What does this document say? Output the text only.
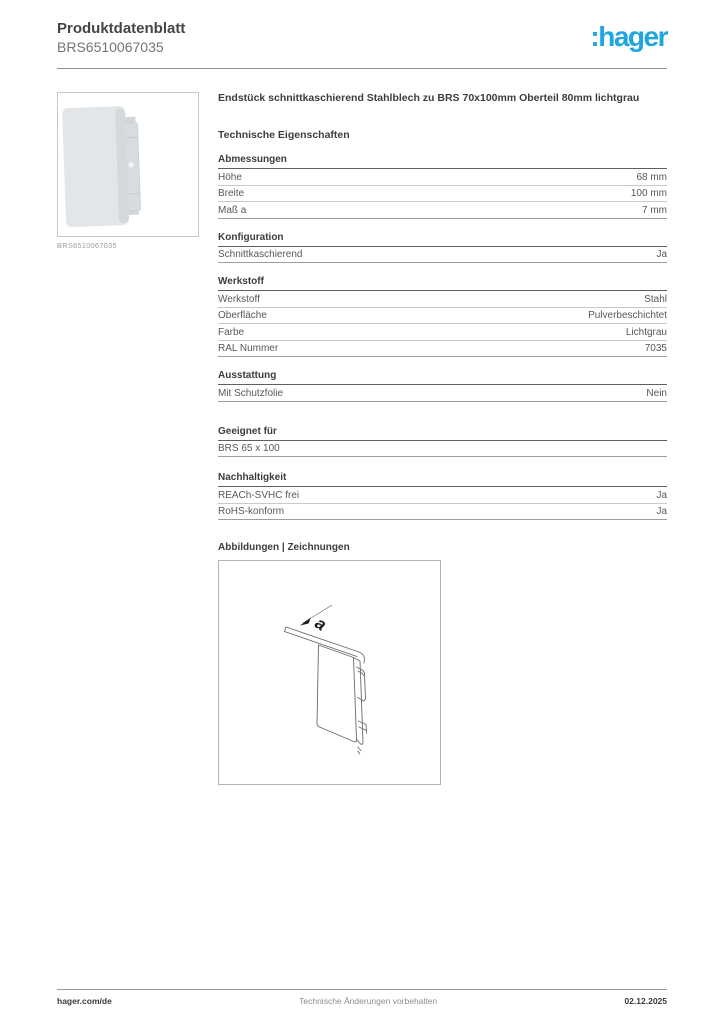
Produktdatenblatt
BRS6510067035	:hager
BRS6510067035
Endstück schnittkaschierend Stahlblech zu BRS 70x100mm Oberteil 80mm lichtgrau
Technische Eigenschaften
Abmessungen
Höhe	68 mm
Breite	100 mm
Maß a	7 mm
Konfiguration
Schnittkaschierend	Ja
Werkstoff
Werkstoff	Stahl
Oberfläche	Pulverbeschichtet
Farbe	Lichtgrau
RAL Nummer	7035
Ausstattung
Mit Schutzfolie	Nein
Geeignet für
BRS 65 x 100
Nachhaltigkeit
REACh-SVHC frei	Ja
RoHS-konform	Ja
Abbildungen | Zeichnungen
a
hager.com/de	Technische Änderungen vorbehalten	02.12.2025
